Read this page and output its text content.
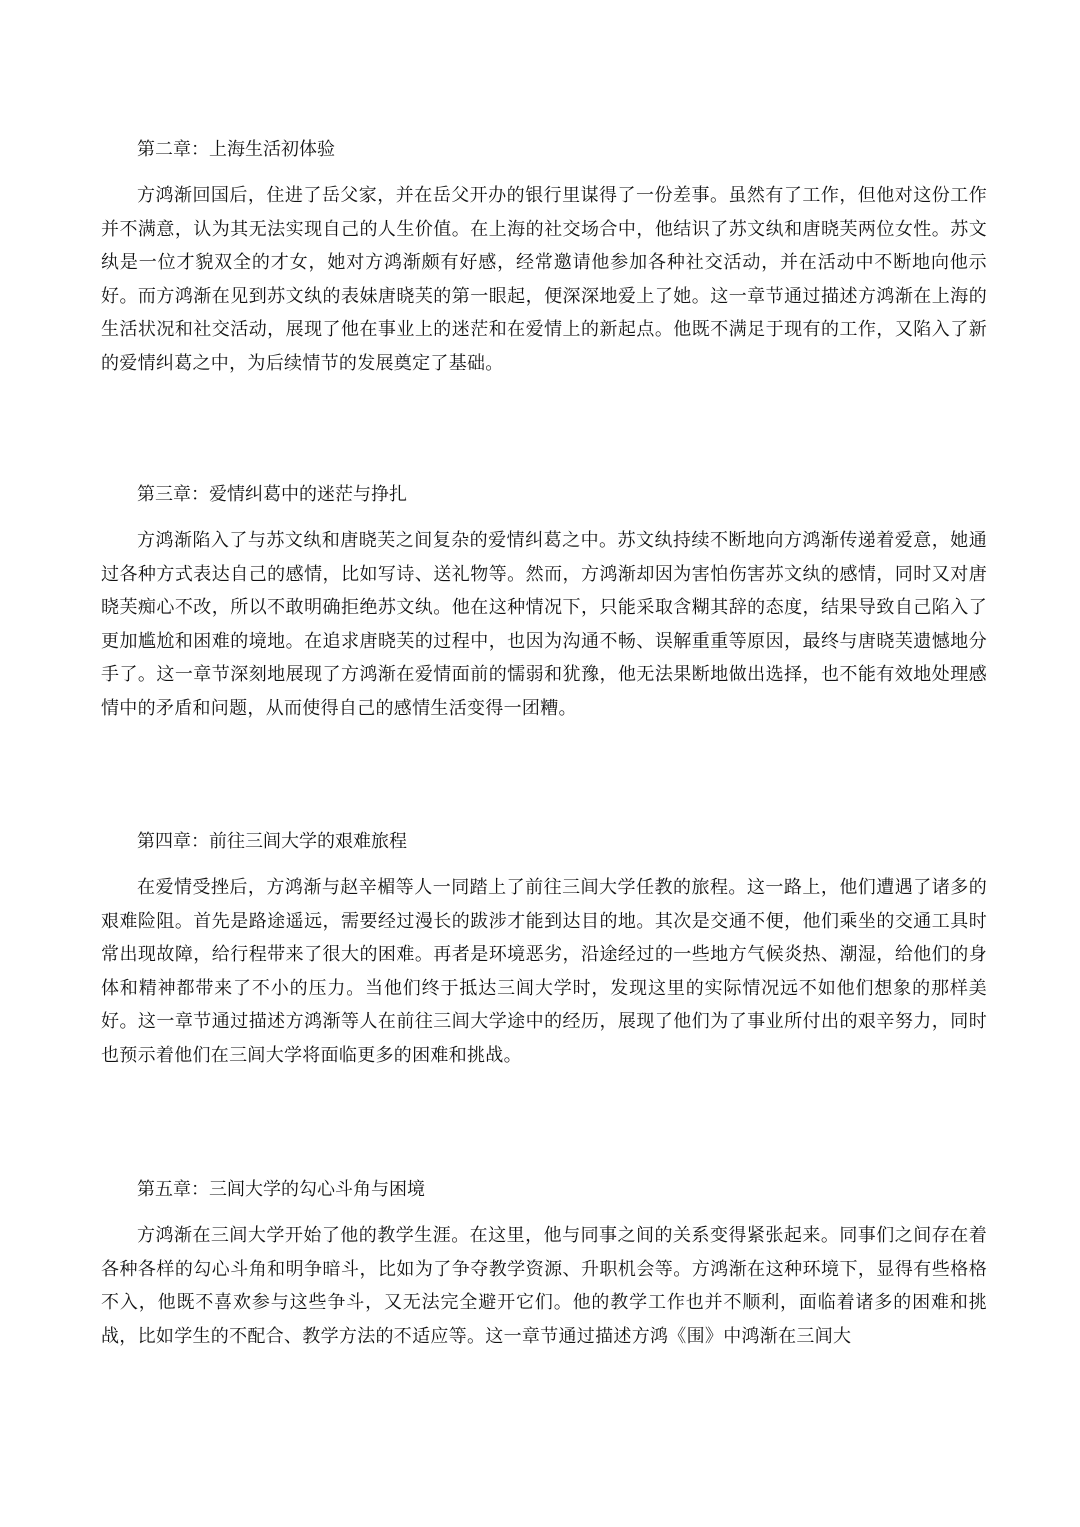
第二章：上海生活初体验

方鸿渐回国后，住进了岳父家，并在岳父开办的银行里谋得了一份差事。虽然有了工作，但他对这份工作并不满意，认为其无法实现自己的人生价值。在上海的社交场合中，他结识了苏文纨和唐晓芙两位女性。苏文纨是一位才貌双全的才女，她对方鸿渐颇有好感，经常邀请他参加各种社交活动，并在活动中不断地向他示好。而方鸿渐在见到苏文纨的表妹唐晓芙的第一眼起，便深深地爱上了她。这一章节通过描述方鸿渐在上海的生活状况和社交活动，展现了他在事业上的迷茫和在爱情上的新起点。他既不满足于现有的工作，又陷入了新的爱情纠葛之中，为后续情节的发展奠定了基础。

第三章：爱情纠葛中的迷茫与挣扎

方鸿渐陷入了与苏文纨和唐晓芙之间复杂的爱情纠葛之中。苏文纨持续不断地向方鸿渐传递着爱意，她通过各种方式表达自己的感情，比如写诗、送礼物等。然而，方鸿渐却因为害怕伤害苏文纨的感情，同时又对唐晓芙痴心不改，所以不敢明确拒绝苏文纨。他在这种情况下，只能采取含糊其辞的态度，结果导致自己陷入了更加尴尬和困难的境地。在追求唐晓芙的过程中，也因为沟通不畅、误解重重等原因，最终与唐晓芙遗憾地分手了。这一章节深刻地展现了方鸿渐在爱情面前的懦弱和犹豫，他无法果断地做出选择，也不能有效地处理感情中的矛盾和问题，从而使得自己的感情生活变得一团糟。

第四章：前往三闾大学的艰难旅程

在爱情受挫后，方鸿渐与赵辛楣等人一同踏上了前往三闾大学任教的旅程。这一路上，他们遭遇了诸多的艰难险阻。首先是路途遥远，需要经过漫长的跋涉才能到达目的地。其次是交通不便，他们乘坐的交通工具时常出现故障，给行程带来了很大的困难。再者是环境恶劣，沿途经过的一些地方气候炎热、潮湿，给他们的身体和精神都带来了不小的压力。当他们终于抵达三闾大学时，发现这里的实际情况远不如他们想象的那样美好。这一章节通过描述方鸿渐等人在前往三闾大学途中的经历，展现了他们为了事业所付出的艰辛努力，同时也预示着他们在三闾大学将面临更多的困难和挑战。

第五章：三闾大学的勾心斗角与困境

方鸿渐在三闾大学开始了他的教学生涯。在这里，他与同事之间的关系变得紧张起来。同事们之间存在着各种各样的勾心斗角和明争暗斗，比如为了争夺教学资源、升职机会等。方鸿渐在这种环境下，显得有些格格不入，他既不喜欢参与这些争斗，又无法完全避开它们。他的教学工作也并不顺利，面临着诸多的困难和挑战，比如学生的不配合、教学方法的不适应等。这一章节通过描述方鸿《围》中鸿渐在三闾大
